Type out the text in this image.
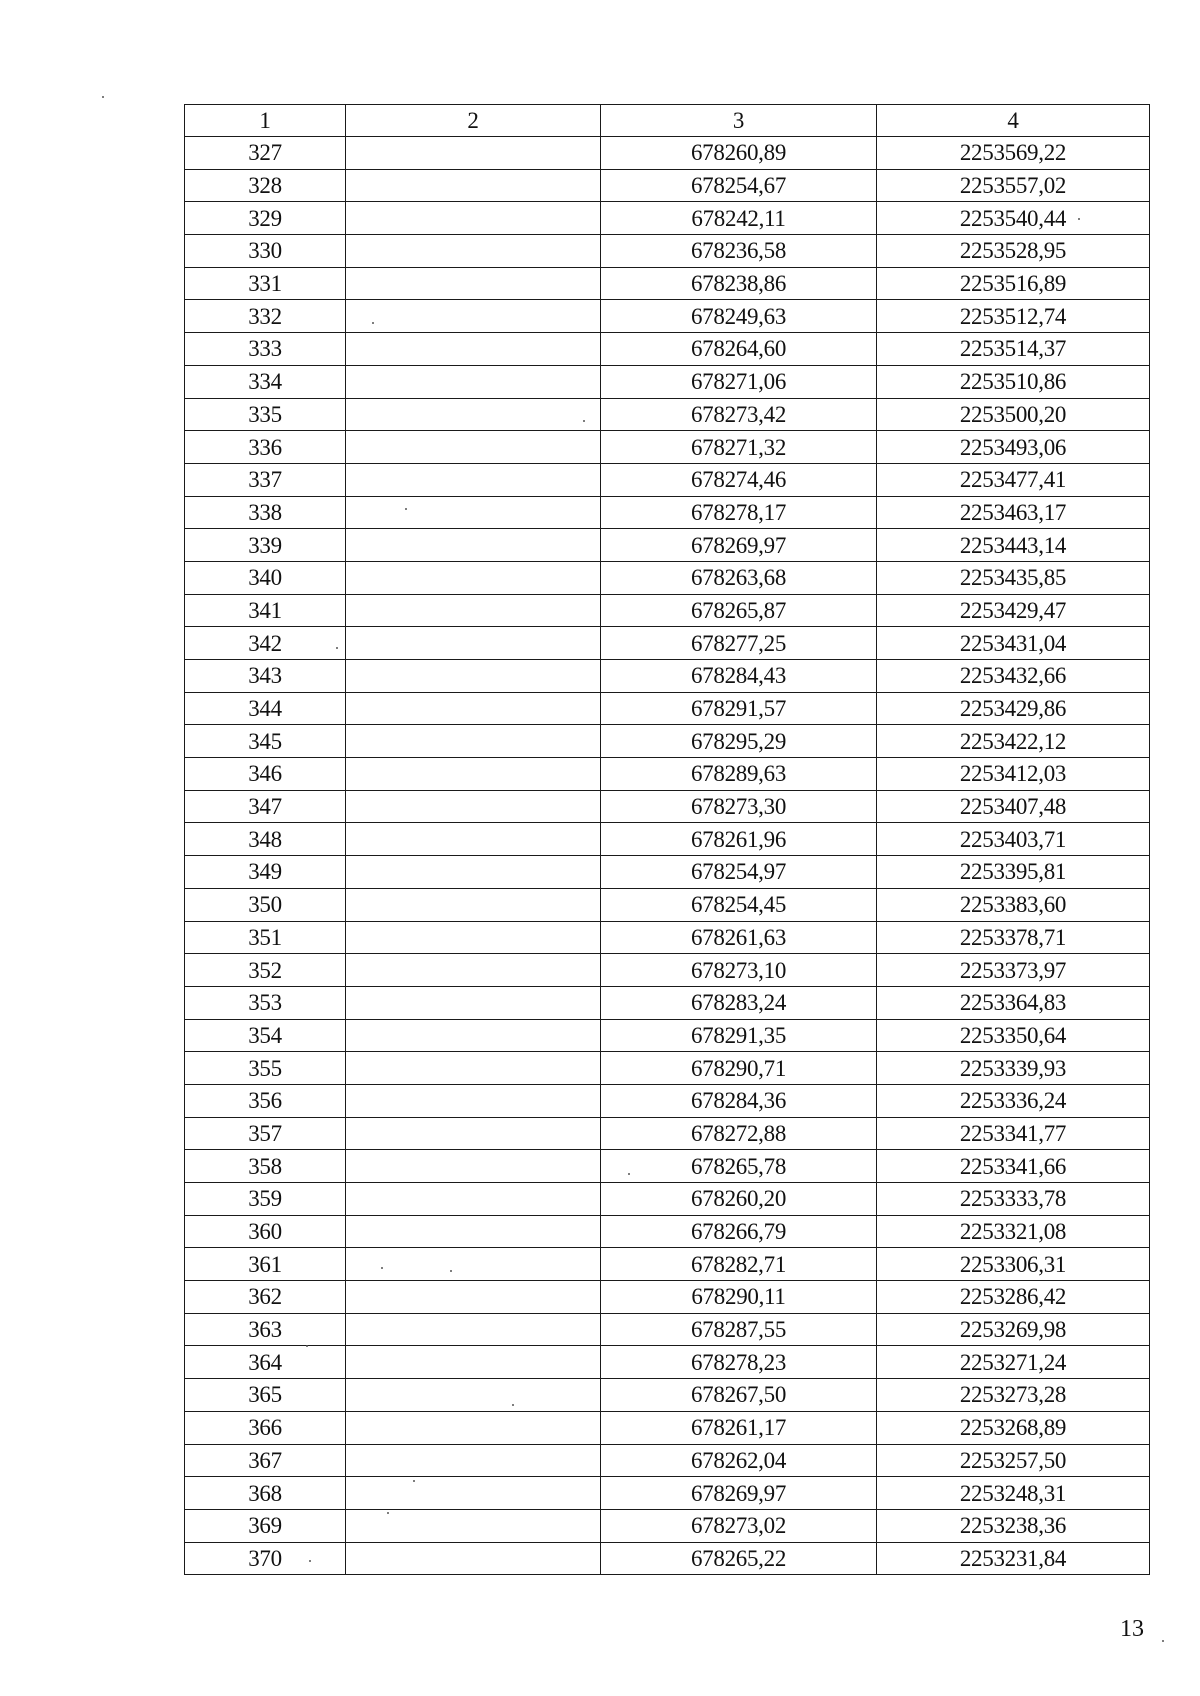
1	2	3	4
327		678260,89	2253569,22
328		678254,67	2253557,02
329		678242,11	2253540,44
330		678236,58	2253528,95
331		678238,86	2253516,89
332		678249,63	2253512,74
333		678264,60	2253514,37
334		678271,06	2253510,86
335		678273,42	2253500,20
336		678271,32	2253493,06
337		678274,46	2253477,41
338		678278,17	2253463,17
339		678269,97	2253443,14
340		678263,68	2253435,85
341		678265,87	2253429,47
342		678277,25	2253431,04
343		678284,43	2253432,66
344		678291,57	2253429,86
345		678295,29	2253422,12
346		678289,63	2253412,03
347		678273,30	2253407,48
348		678261,96	2253403,71
349		678254,97	2253395,81
350		678254,45	2253383,60
351		678261,63	2253378,71
352		678273,10	2253373,97
353		678283,24	2253364,83
354		678291,35	2253350,64
355		678290,71	2253339,93
356		678284,36	2253336,24
357		678272,88	2253341,77
358		678265,78	2253341,66
359		678260,20	2253333,78
360		678266,79	2253321,08
361		678282,71	2253306,31
362		678290,11	2253286,42
363		678287,55	2253269,98
364		678278,23	2253271,24
365		678267,50	2253273,28
366		678261,17	2253268,89
367		678262,04	2253257,50
368		678269,97	2253248,31
369		678273,02	2253238,36
370		678265,22	2253231,84
13
